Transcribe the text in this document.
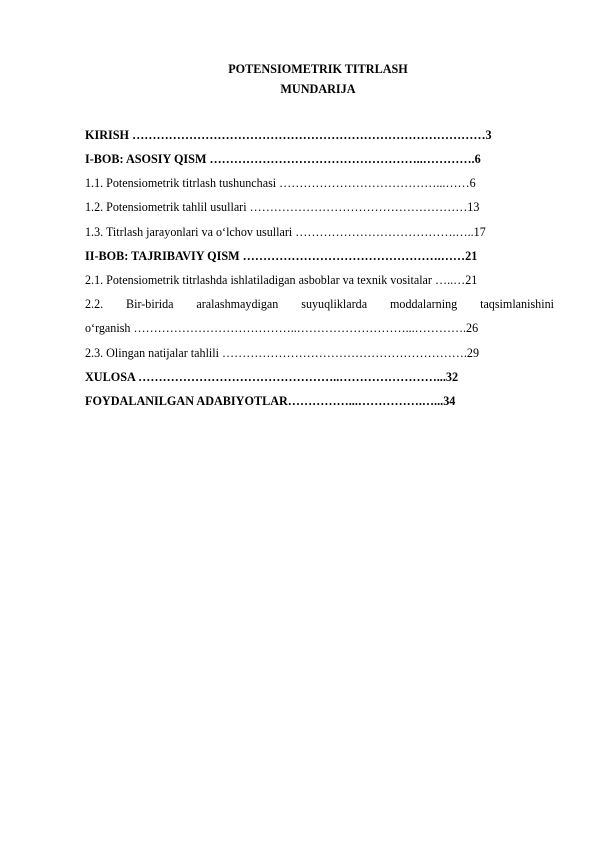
POTENSIOMETRIK TITRLASH
MUNDARIJA
KIRISH ……………………………………………………………………………3
I-BOB: ASOSIY QISM ……………………………………………..………….6
1.1. Potensiometrik titrlash tushunchasi …………………………………...……6
1.2. Potensiometrik tahlil usullari ………………………………………………13
1.3. Titrlash jarayonlari va o‘lchov usullari ………………………………….…..17
II-BOB: TAJRIBAVIY QISM ………………………………………….……21
2.1. Potensiometrik titrlashda ishlatiladigan asboblar va texnik vositalar …..…21
2.2. Bir-birida aralashmaydigan suyuqliklarda moddalarning taqsimlanishini
o‘rganish …………………………………..………………………...………….26
2.3. Olingan natijalar tahlili …………………………………………………….29
XULOSA …………………………………………..……………………...32
FOYDALANILGAN ADABIYOTLAR……………...…………….…...34
